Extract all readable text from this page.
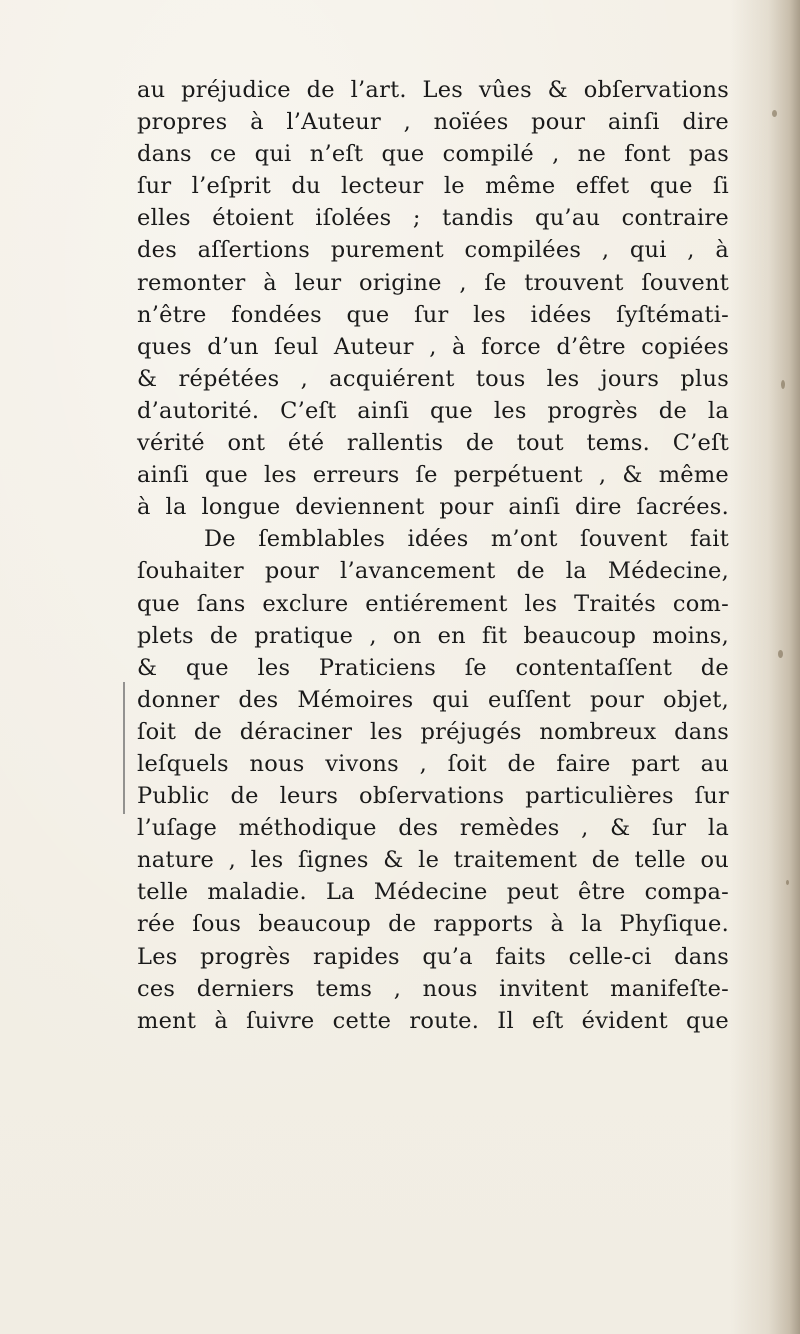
au préjudice de l’art. Les vûes & obſervations
propres à l’Auteur , noïées pour ainſi dire
dans ce qui n’eſt que compilé , ne font pas
ſur l’eſprit du lecteur le même effet que ſi
elles étoient iſolées ; tandis qu’au contraire
des aſſertions purement compilées , qui , à
remonter à leur origine , ſe trouvent ſouvent
n’être fondées que ſur les idées ſyſtémati-
ques d’un ſeul Auteur , à force d’être copiées
& répétées , acquiérent tous les jours plus
d’autorité. C’eſt ainſi que les progrès de la
vérité ont été rallentis de tout tems. C’eſt
ainſi que les erreurs ſe perpétuent , & même
à la longue deviennent pour ainſi dire ſacrées.
De ſemblables idées m’ont ſouvent fait
ſouhaiter pour l’avancement de la Médecine,
que ſans exclure entiérement les Traités com-
plets de pratique , on en fit beaucoup moins,
& que les Praticiens ſe contentaſſent de
donner des Mémoires qui euſſent pour objet,
ſoit de déraciner les préjugés nombreux dans
leſquels nous vivons , ſoit de faire part au
Public de leurs obſervations particulières ſur
l’uſage méthodique des remèdes , & ſur la
nature , les ſignes & le traitement de telle ou
telle maladie. La Médecine peut être compa-
rée ſous beaucoup de rapports à la Phyſique.
Les progrès rapides qu’a faits celle-ci dans
ces derniers tems , nous invitent manifeſte-
ment à ſuivre cette route. Il eſt évident que
